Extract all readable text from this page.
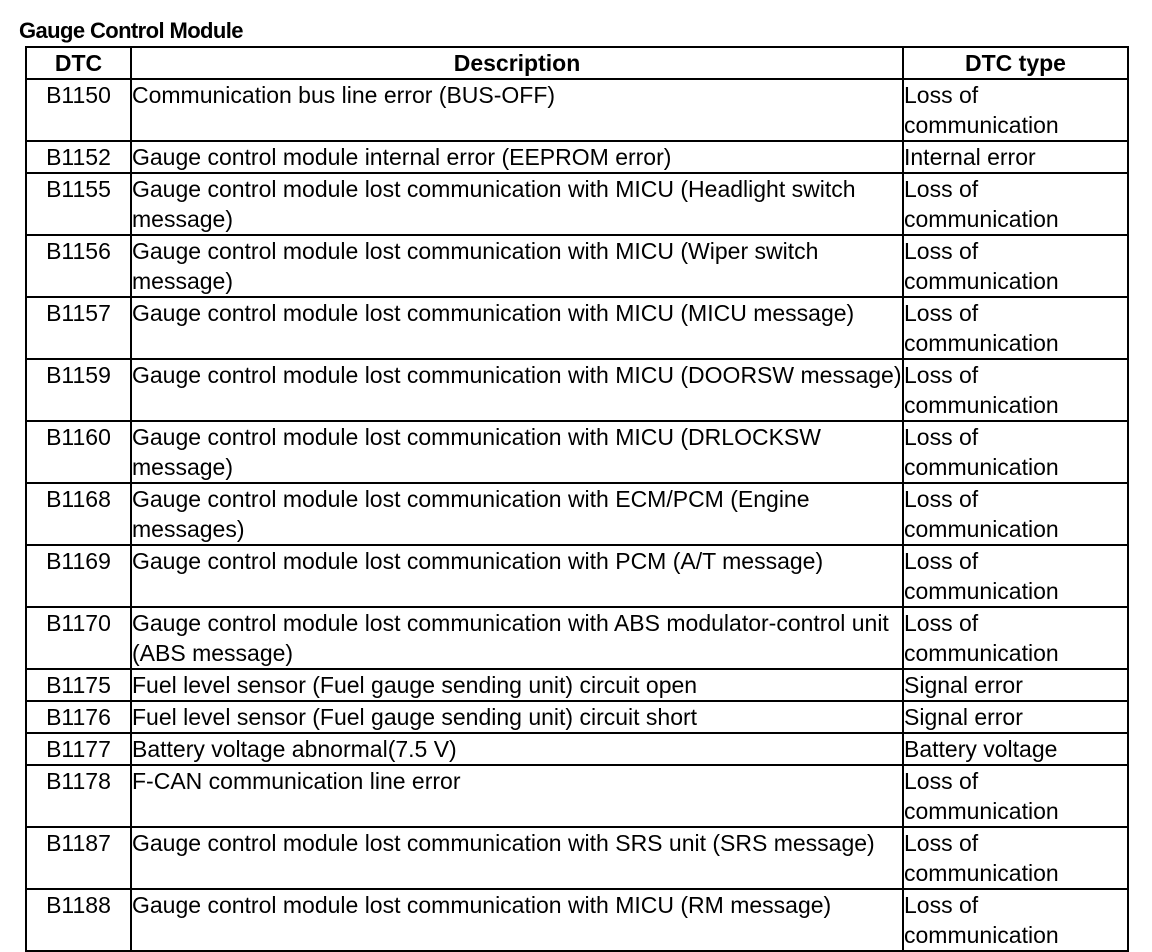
Gauge Control Module
DTC	Description	DTC type
B1150	Communication bus line error (BUS-OFF)	Loss of communication
B1152	Gauge control module internal error (EEPROM error)	Internal error
B1155	Gauge control module lost communication with MICU (Headlight switch message)	Loss of communication
B1156	Gauge control module lost communication with MICU (Wiper switch message)	Loss of communication
B1157	Gauge control module lost communication with MICU (MICU message)	Loss of communication
B1159	Gauge control module lost communication with MICU (DOORSW message)	Loss of communication
B1160	Gauge control module lost communication with MICU (DRLOCKSW message)	Loss of communication
B1168	Gauge control module lost communication with ECM/PCM (Engine messages)	Loss of communication
B1169	Gauge control module lost communication with PCM (A/T message)	Loss of communication
B1170	Gauge control module lost communication with ABS modulator-control unit (ABS message)	Loss of communication
B1175	Fuel level sensor (Fuel gauge sending unit) circuit open	Signal error
B1176	Fuel level sensor (Fuel gauge sending unit) circuit short	Signal error
B1177	Battery voltage abnormal(7.5 V)	Battery voltage
B1178	F-CAN communication line error	Loss of communication
B1187	Gauge control module lost communication with SRS unit (SRS message)	Loss of communication
B1188	Gauge control module lost communication with MICU (RM message)	Loss of communication
